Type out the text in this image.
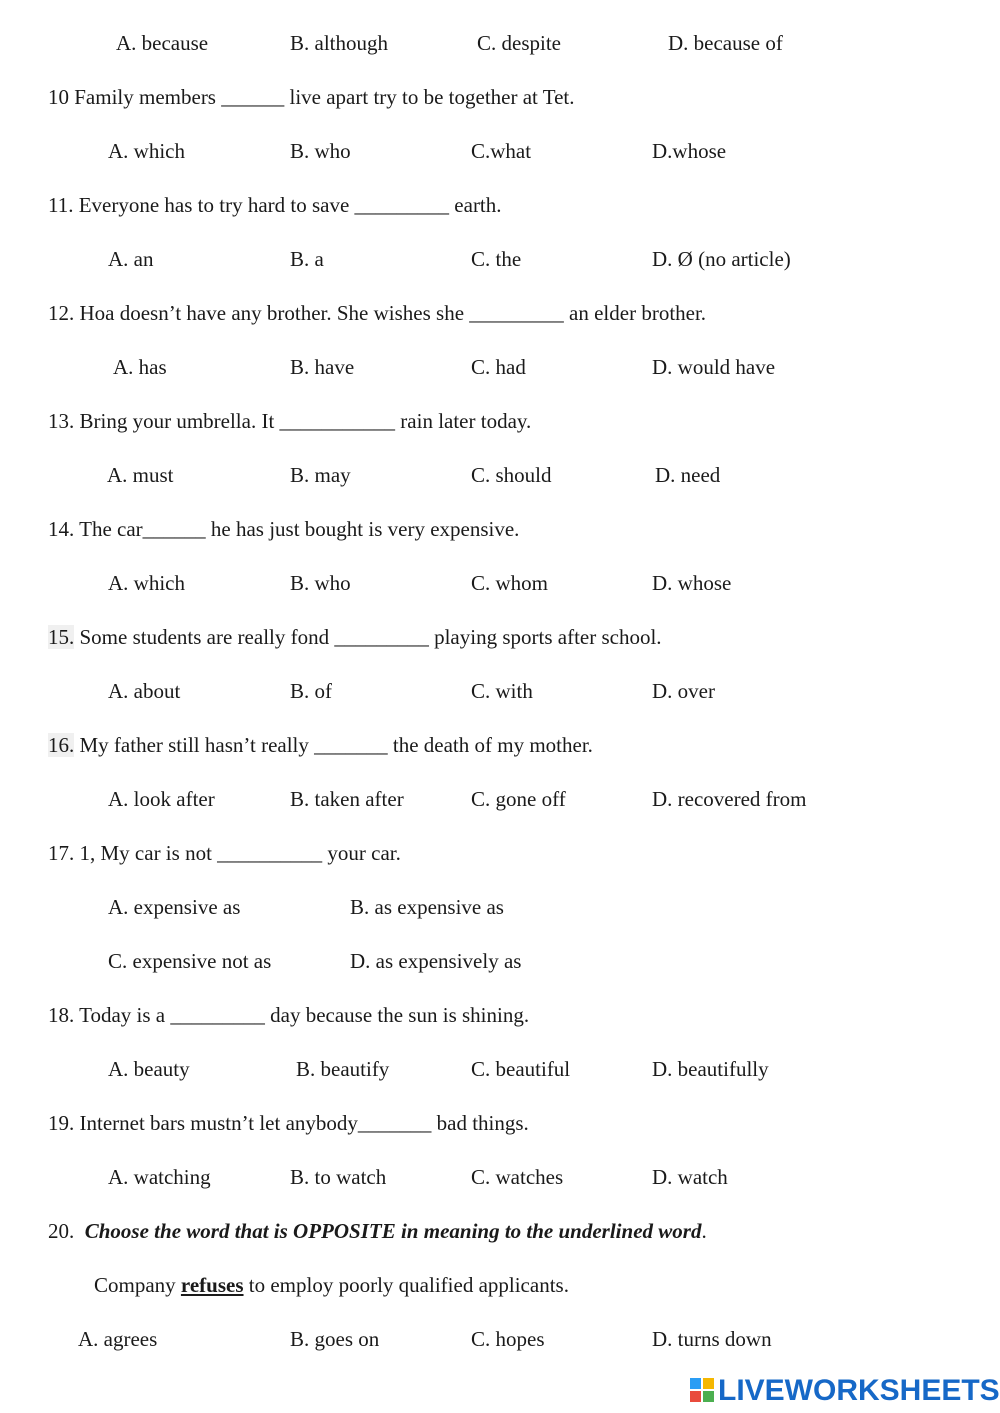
A. because	B. although	C. despite	D. because of
10 Family members ______ live apart try to be together at Tet.
A. which	B. who	C.what	D.whose
11. Everyone has to try hard to save _________ earth.
A. an	B. a	C. the	D. Ø (no article)
12. Hoa doesn’t have any brother. She wishes she _________ an elder brother.
A. has	B. have	C. had	D. would have
13. Bring your umbrella. It ___________ rain later today.
A. must	B. may	C. should	D. need
14. The car______ he has just bought is very expensive.
A. which	B. who	C. whom	D. whose
15. Some students are really fond _________ playing sports after school.
A. about	B. of	C. with	D. over
16. My father still hasn’t really _______ the death of my mother.
A. look after	B. taken after	C. gone off	D. recovered from
17. 1, My car is not __________ your car.
A. expensive as	B. as expensive as
C. expensive not as	D. as expensively as
18. Today is a _________ day because the sun is shining.
A. beauty	B. beautify	C. beautiful	D. beautifully
19. Internet bars mustn’t let anybody_______ bad things.
A. watching	B. to watch	C. watches	D. watch
20. Choose the word that is OPPOSITE in meaning to the underlined word.
Company refuses to employ poorly qualified applicants.
A. agrees	B. goes on	C. hopes	D. turns down
LIVEWORKSHEETS
